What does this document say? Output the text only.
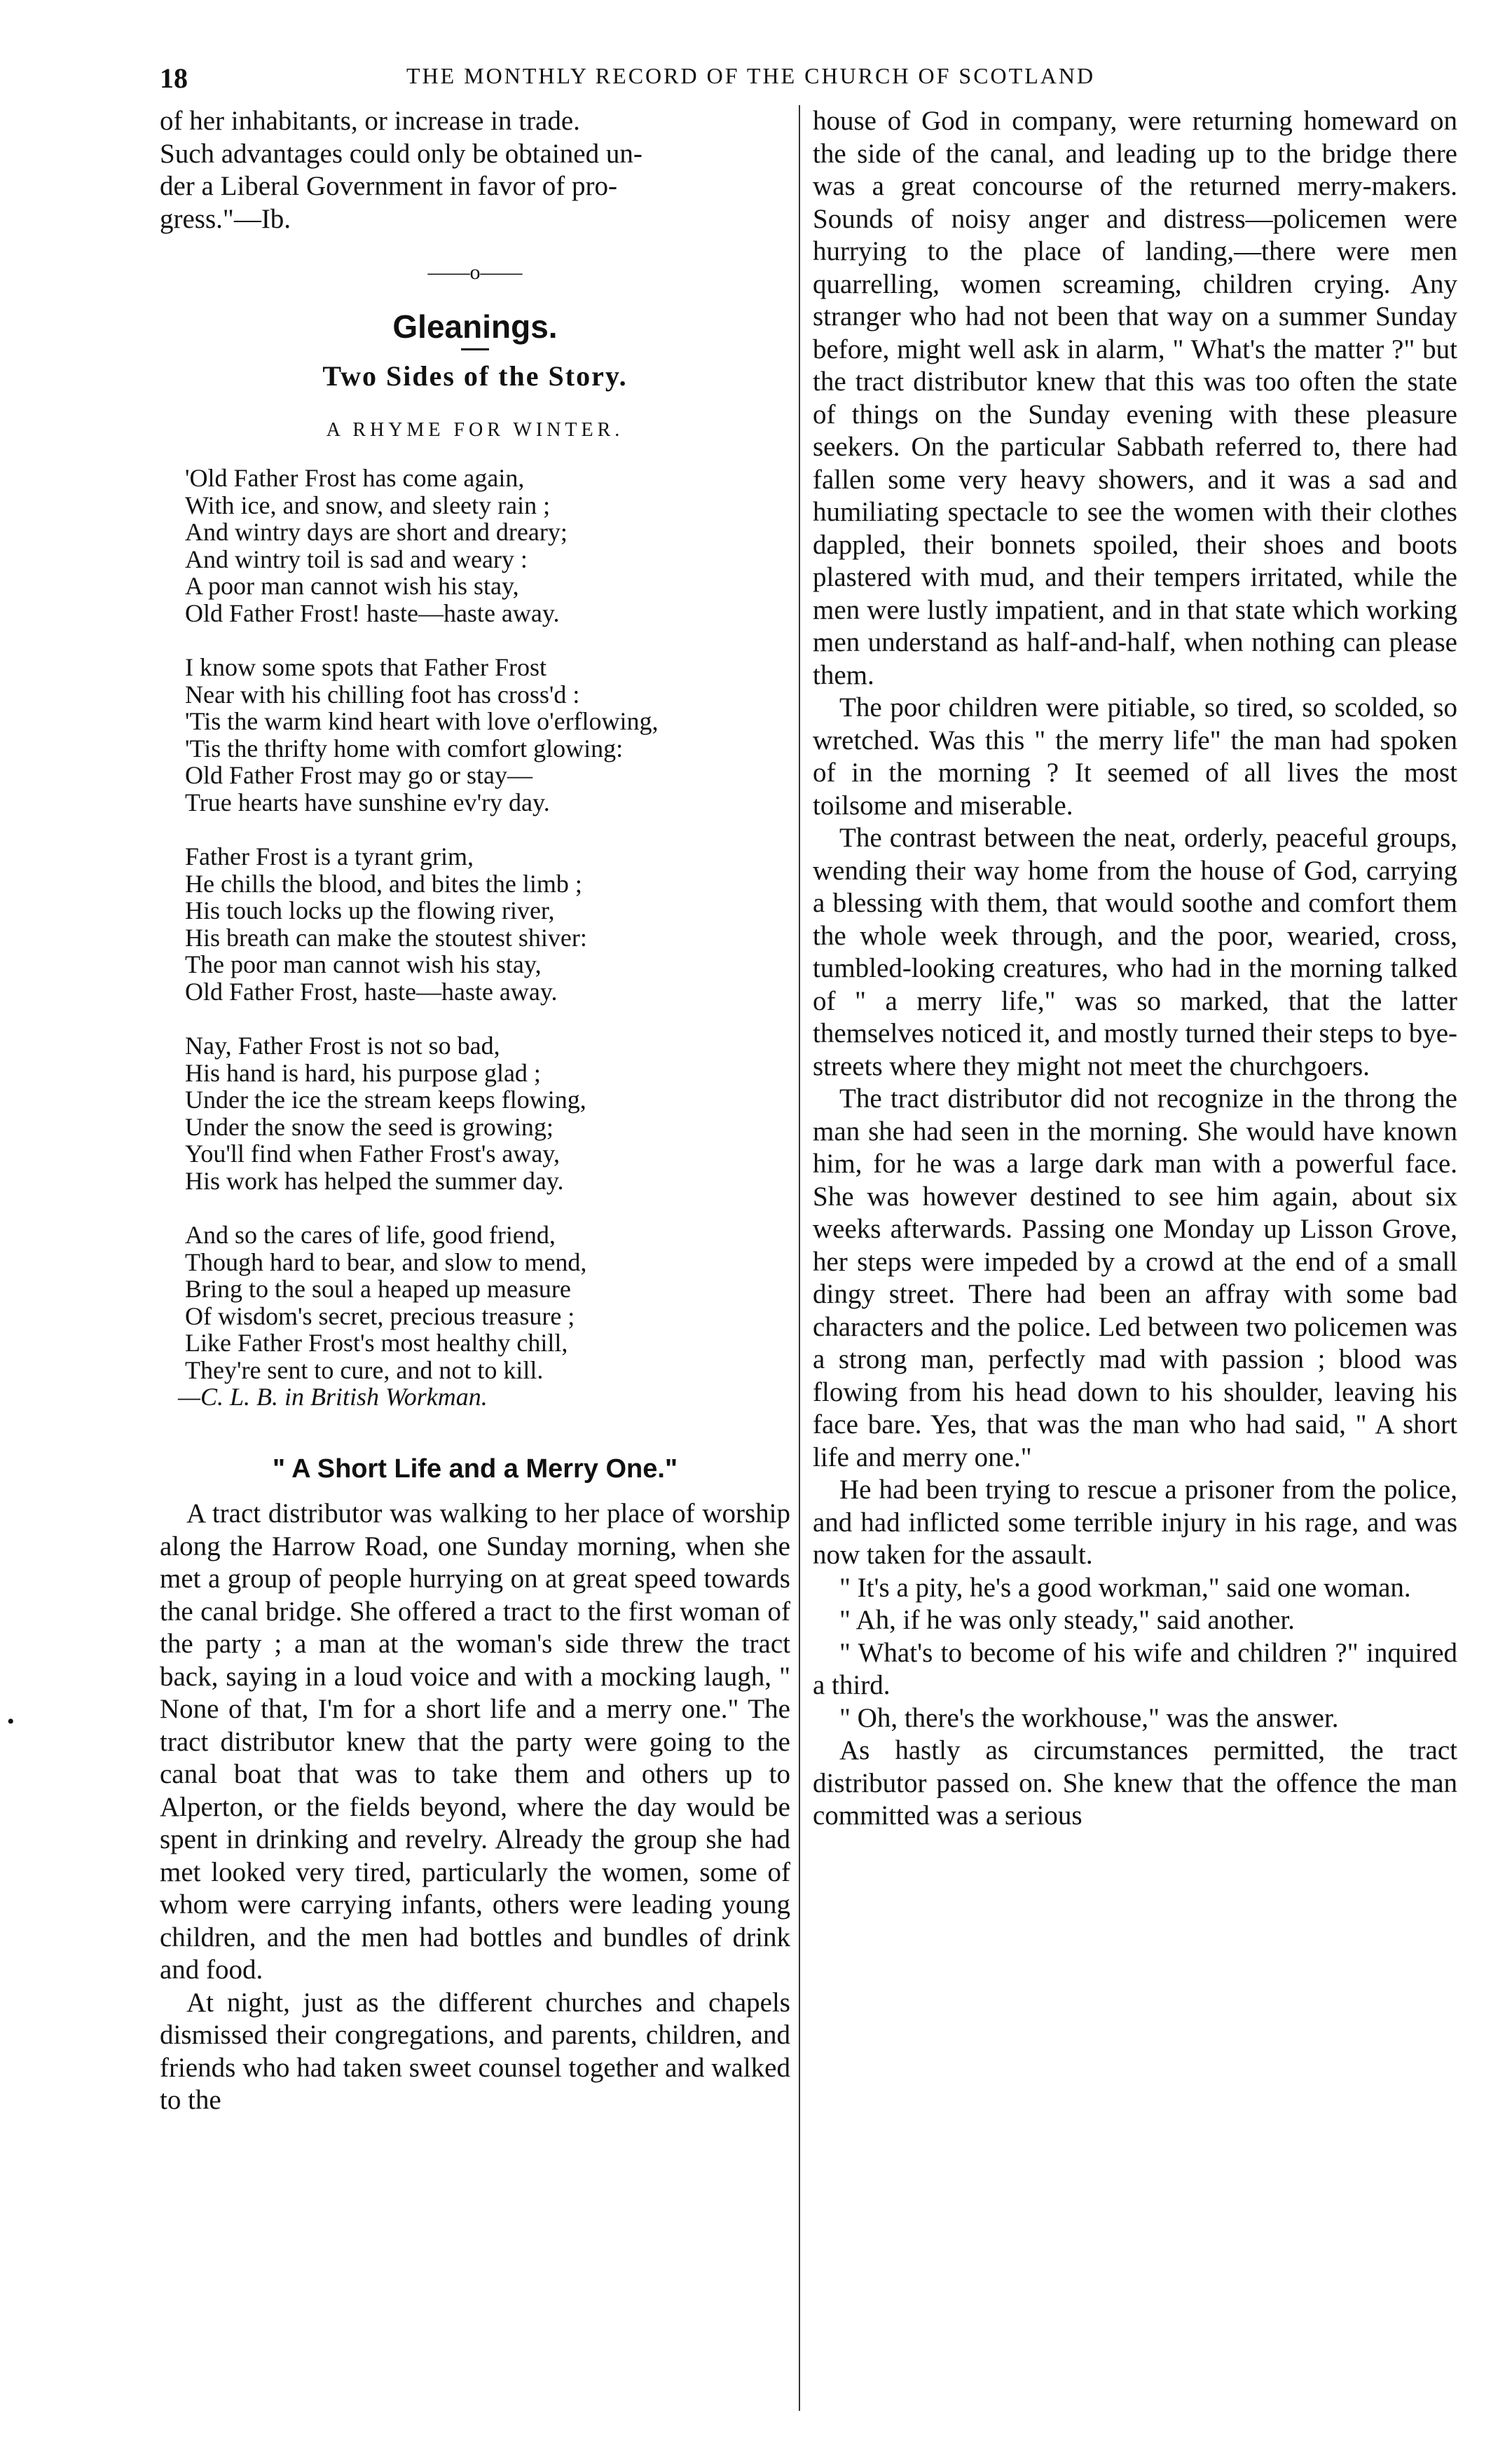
18	THE MONTHLY RECORD OF THE CHURCH OF SCOTLAND

of her inhabitants, or increase in trade.

Such advantages could only be obtained un-

der a Liberal Government in favor of pro-

gress."—Ib.

——o——
Gleanings.
Two Sides of the Story.
A RHYME FOR WINTER.
'Old Father Frost has come again,
With ice, and snow, and sleety rain ;
And wintry days are short and dreary;
And wintry toil is sad and weary :
A poor man cannot wish his stay,
Old Father Frost! haste—haste away.
I know some spots that Father Frost
Near with his chilling foot has cross'd :
'Tis the warm kind heart with love o'erflowing,
'Tis the thrifty home with comfort glowing:
Old Father Frost may go or stay—
True hearts have sunshine ev'ry day.
Father Frost is a tyrant grim,
He chills the blood, and bites the limb ;
His touch locks up the flowing river,
His breath can make the stoutest shiver:
The poor man cannot wish his stay,
Old Father Frost, haste—haste away.
Nay, Father Frost is not so bad,
His hand is hard, his purpose glad ;
Under the ice the stream keeps flowing,
Under the snow the seed is growing;
You'll find when Father Frost's away,
His work has helped the summer day.
And so the cares of life, good friend,
Though hard to bear, and slow to mend,
Bring to the soul a heaped up measure
Of wisdom's secret, precious treasure ;
Like Father Frost's most healthy chill,
They're sent to cure, and not to kill.
—C. L. B. in British Workman.
" A Short Life and a Merry One."

A tract distributor was walking to her place of worship along the Harrow Road, one Sunday morning, when she met a group of people hurrying on at great speed towards the canal bridge. She offered a tract to the first woman of the party ; a man at the woman's side threw the tract back, saying in a loud voice and with a mocking laugh, " None of that, I'm for a short life and a merry one." The tract distributor knew that the party were going to the canal boat that was to take them and others up to Alperton, or the fields beyond, where the day would be spent in drinking and revelry. Already the group she had met looked very tired, particularly the women, some of whom were carrying infants, others were leading young children, and the men had bottles and bundles of drink and food.

At night, just as the different churches and chapels dismissed their congregations, and parents, children, and friends who had taken sweet counsel together and walked to the

house of God in company, were returning homeward on the side of the canal, and leading up to the bridge there was a great concourse of the returned merry-makers. Sounds of noisy anger and distress—policemen were hurrying to the place of landing,—there were men quarrelling, women screaming, children crying. Any stranger who had not been that way on a summer Sunday before, might well ask in alarm, " What's the matter ?" but the tract distributor knew that this was too often the state of things on the Sunday evening with these pleasure seekers. On the particular Sabbath referred to, there had fallen some very heavy showers, and it was a sad and humiliating spectacle to see the women with their clothes dappled, their bonnets spoiled, their shoes and boots plastered with mud, and their tempers irritated, while the men were lustly impatient, and in that state which working men understand as half-and-half, when nothing can please them.

The poor children were pitiable, so tired, so scolded, so wretched. Was this " the merry life" the man had spoken of in the morning ? It seemed of all lives the most toilsome and miserable.

The contrast between the neat, orderly, peaceful groups, wending their way home from the house of God, carrying a blessing with them, that would soothe and comfort them the whole week through, and the poor, wearied, cross, tumbled-looking creatures, who had in the morning talked of " a merry life," was so marked, that the latter themselves noticed it, and mostly turned their steps to bye-streets where they might not meet the churchgoers.

The tract distributor did not recognize in the throng the man she had seen in the morning. She would have known him, for he was a large dark man with a powerful face. She was however destined to see him again, about six weeks afterwards. Passing one Monday up Lisson Grove, her steps were impeded by a crowd at the end of a small dingy street. There had been an affray with some bad characters and the police. Led between two policemen was a strong man, perfectly mad with passion ; blood was flowing from his head down to his shoulder, leaving his face bare. Yes, that was the man who had said, " A short life and merry one."

He had been trying to rescue a prisoner from the police, and had inflicted some terrible injury in his rage, and was now taken for the assault.

" It's a pity, he's a good workman," said one woman.

" Ah, if he was only steady," said another.

" What's to become of his wife and children ?" inquired a third.

" Oh, there's the workhouse," was the answer.

As hastly as circumstances permitted, the tract distributor passed on. She knew that the offence the man committed was a serious

•
